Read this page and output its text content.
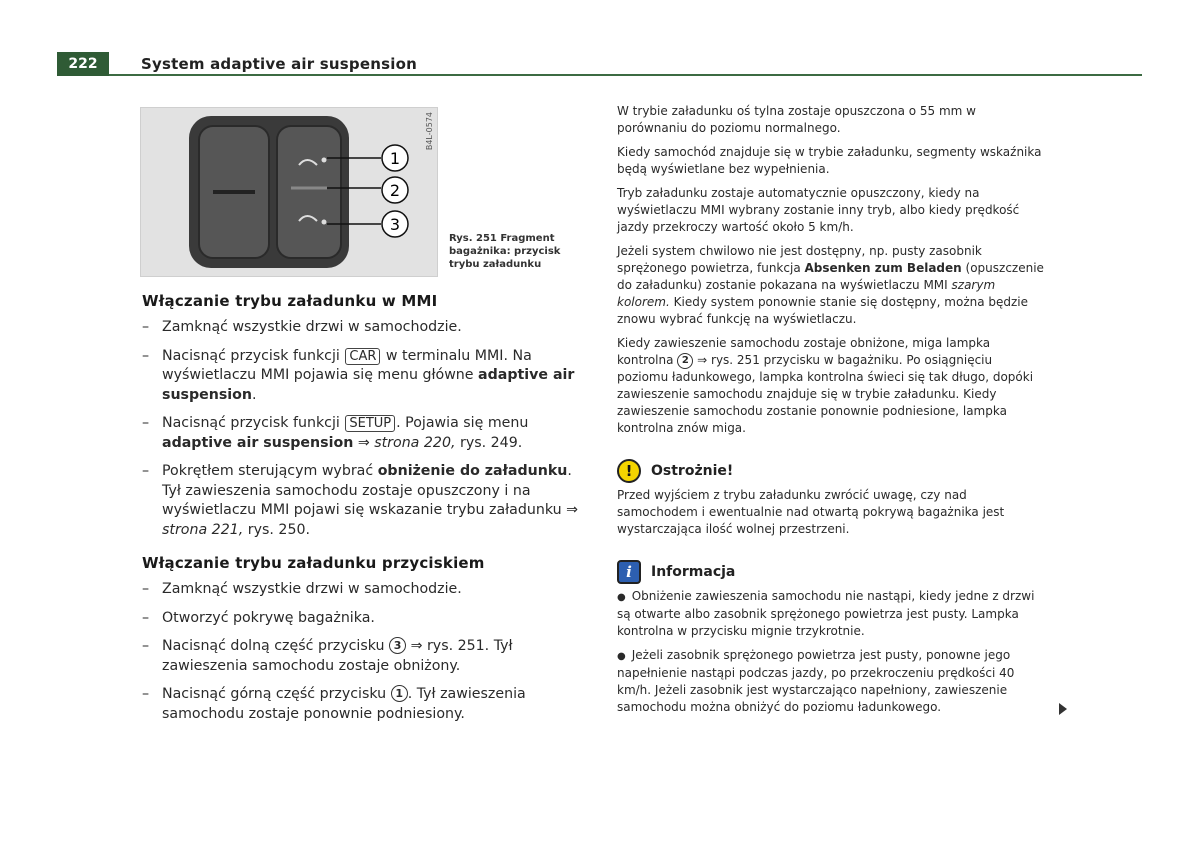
222	System adaptive air suspension
1
2
3
B4L-0574
Rys. 251 Fragment
bagażnika: przycisk
trybu załadunku
Włączanie trybu załadunku w MMI
– Zamknąć wszystkie drzwi w samochodzie.
– Nacisnąć przycisk funkcji CAR w terminalu MMI. Na wyświetlaczu MMI pojawia się menu główne adaptive air suspension.
– Nacisnąć przycisk funkcji SETUP . Pojawia się menu adaptive air suspension ⇒ strona 220, rys. 249.
– Pokrętłem sterującym wybrać obniżenie do załadunku. Tył zawieszenia samochodu zostaje opuszczony i na wyświetlaczu MMI pojawi się wskazanie trybu załadunku ⇒ strona 221, rys. 250.
Włączanie trybu załadunku przyciskiem
– Zamknąć wszystkie drzwi w samochodzie.
– Otworzyć pokrywę bagażnika.
– Nacisnąć dolną część przycisku 3 ⇒ rys. 251. Tył zawieszenia samochodu zostaje obniżony.
– Nacisnąć górną część przycisku 1 . Tył zawieszenia samochodu zostaje ponownie podniesiony.

W trybie załadunku oś tylna zostaje opuszczona o 55 mm w porównaniu do poziomu normalnego.

Kiedy samochód znajduje się w trybie załadunku, segmenty wskaźnika będą wyświetlane bez wypełnienia.

Tryb załadunku zostaje automatycznie opuszczony, kiedy na wyświetlaczu MMI wybrany zostanie inny tryb, albo kiedy prędkość jazdy przekroczy wartość około 5 km/h.

Jeżeli system chwilowo nie jest dostępny, np. pusty zasobnik sprężonego powietrza, funkcja Absenken zum Beladen (opuszczenie do załadunku) zostanie pokazana na wyświetlaczu MMI szarym kolorem. Kiedy system ponownie stanie się dostępny, można będzie znowu wybrać funkcję na wyświetlaczu.

Kiedy zawieszenie samochodu zostaje obniżone, miga lampka kontrolna 2 ⇒ rys. 251 przycisku w bagażniku. Po osiągnięciu poziomu ładunkowego, lampka kontrolna świeci się tak długo, dopóki zawieszenie samochodu znajduje się w trybie załadunku. Kiedy zawieszenie samochodu zostanie ponownie podniesione, lampka kontrolna znów miga.

!	Ostrożnie!

Przed wyjściem z trybu załadunku zwrócić uwagę, czy nad samochodem i ewentualnie nad otwartą pokrywą bagażnika jest wystarczająca ilość wolnej przestrzeni.

i	Informacja

● Obniżenie zawieszenia samochodu nie nastąpi, kiedy jedne z drzwi są otwarte albo zasobnik sprężonego powietrza jest pusty. Lampka kontrolna w przycisku mignie trzykrotnie.

● Jeżeli zasobnik sprężonego powietrza jest pusty, ponowne jego napełnienie nastąpi podczas jazdy, po przekroczeniu prędkości 40 km/h. Jeżeli zasobnik jest wystarczająco napełniony, zawieszenie samochodu można obniżyć do poziomu ładunkowego.
